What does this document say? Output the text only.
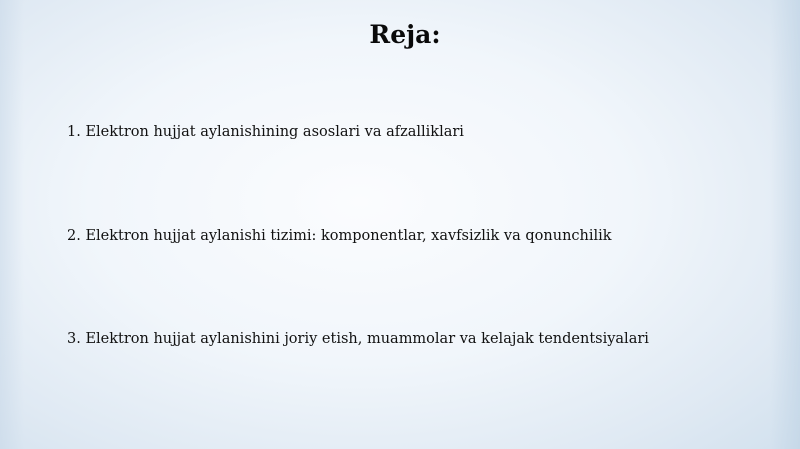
Reja:
1. Elektron hujjat aylanishining asoslari va afzalliklari
2. Elektron hujjat aylanishi tizimi: komponentlar, xavfsizlik va qonunchilik
3. Elektron hujjat aylanishini joriy etish, muammolar va kelajak tendentsiyalari
